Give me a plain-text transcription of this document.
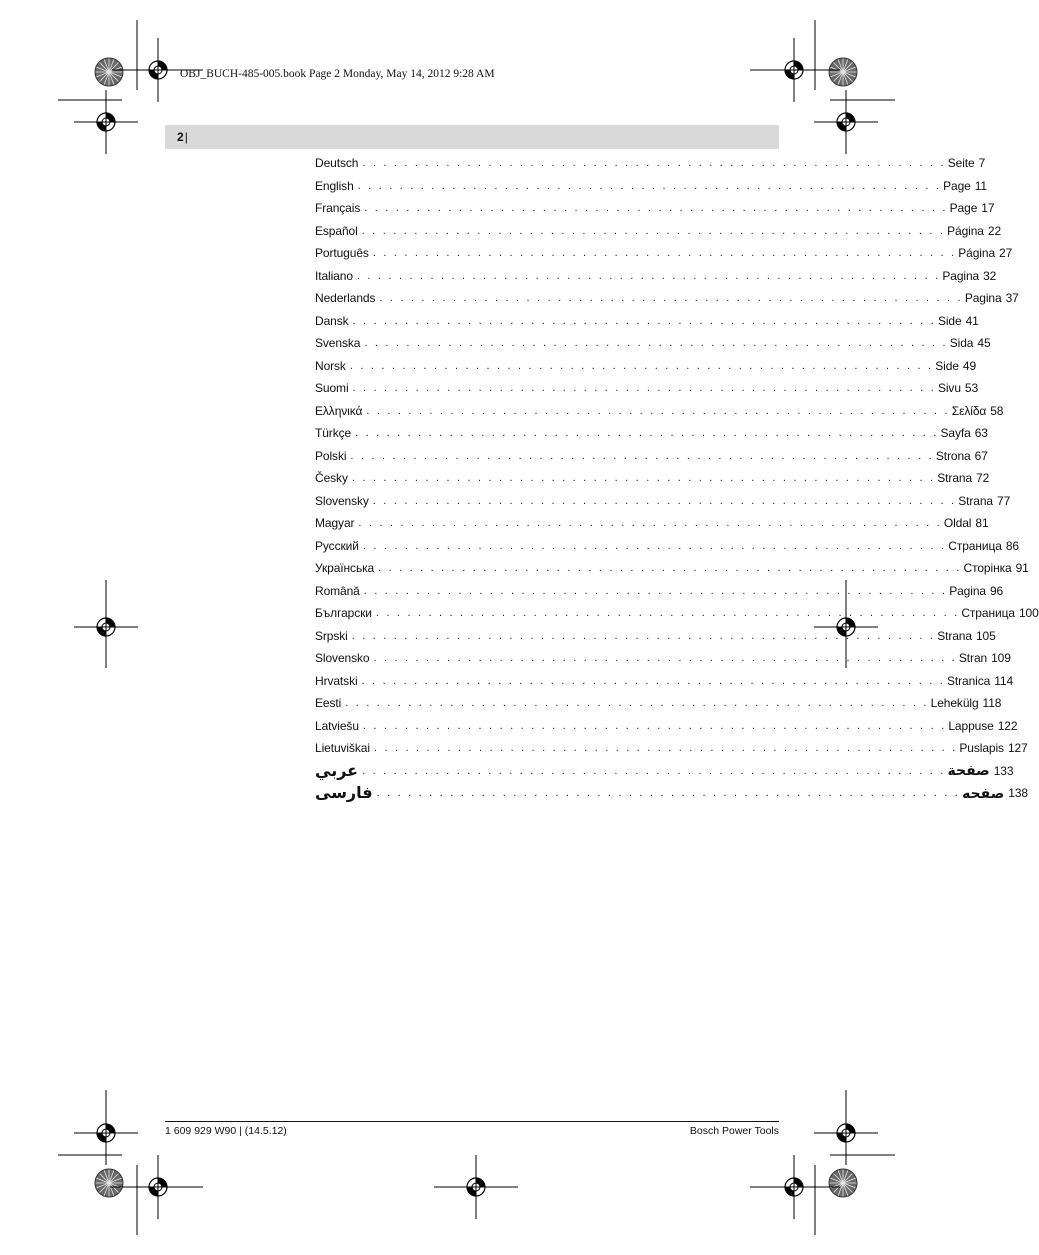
OBJ_BUCH-485-005.book Page 2 Monday, May 14, 2012 9:28 AM
2|
Deutsch . . . . . . . . . . . . . . . . . . . . . . . . . . . . . . . . . . . . . . . . . . . . . . . . . . . . . . . . Seite 7
English . . . . . . . . . . . . . . . . . . . . . . . . . . . . . . . . . . . . . . . . . . . . . . . . . . . . . . . . Page 11
Français . . . . . . . . . . . . . . . . . . . . . . . . . . . . . . . . . . . . . . . . . . . . . . . . . . . . . . . . Page 17
Español . . . . . . . . . . . . . . . . . . . . . . . . . . . . . . . . . . . . . . . . . . . . . . . . . . . . . . . . Página 22
Português . . . . . . . . . . . . . . . . . . . . . . . . . . . . . . . . . . . . . . . . . . . . . . . . . . . . . . . . Página 27
Italiano . . . . . . . . . . . . . . . . . . . . . . . . . . . . . . . . . . . . . . . . . . . . . . . . . . . . . . . . Pagina 32
Nederlands . . . . . . . . . . . . . . . . . . . . . . . . . . . . . . . . . . . . . . . . . . . . . . . . . . . . . . . . Pagina 37
Dansk . . . . . . . . . . . . . . . . . . . . . . . . . . . . . . . . . . . . . . . . . . . . . . . . . . . . . . . . Side 41
Svenska . . . . . . . . . . . . . . . . . . . . . . . . . . . . . . . . . . . . . . . . . . . . . . . . . . . . . . . . Sida 45
Norsk . . . . . . . . . . . . . . . . . . . . . . . . . . . . . . . . . . . . . . . . . . . . . . . . . . . . . . . . Side 49
Suomi . . . . . . . . . . . . . . . . . . . . . . . . . . . . . . . . . . . . . . . . . . . . . . . . . . . . . . . . Sivu 53
Ελληνικά . . . . . . . . . . . . . . . . . . . . . . . . . . . . . . . . . . . . . . . . . . . . . . . . . . . . . . . . Σελίδα 58
Türkçe . . . . . . . . . . . . . . . . . . . . . . . . . . . . . . . . . . . . . . . . . . . . . . . . . . . . . . . . Sayfa 63
Polski . . . . . . . . . . . . . . . . . . . . . . . . . . . . . . . . . . . . . . . . . . . . . . . . . . . . . . . . Strona 67
Česky . . . . . . . . . . . . . . . . . . . . . . . . . . . . . . . . . . . . . . . . . . . . . . . . . . . . . . . . Strana 72
Slovensky . . . . . . . . . . . . . . . . . . . . . . . . . . . . . . . . . . . . . . . . . . . . . . . . . . . . . . . . Strana 77
Magyar . . . . . . . . . . . . . . . . . . . . . . . . . . . . . . . . . . . . . . . . . . . . . . . . . . . . . . . . Oldal 81
Русский . . . . . . . . . . . . . . . . . . . . . . . . . . . . . . . . . . . . . . . . . . . . . . . . . . . . . . . . Страница 86
Українська . . . . . . . . . . . . . . . . . . . . . . . . . . . . . . . . . . . . . . . . . . . . . . . . . . . . . . . . Сторінка 91
Română . . . . . . . . . . . . . . . . . . . . . . . . . . . . . . . . . . . . . . . . . . . . . . . . . . . . . . . . Pagina 96
Български . . . . . . . . . . . . . . . . . . . . . . . . . . . . . . . . . . . . . . . . . . . . . . . . . . . . . . . . Страница 100
Srpski . . . . . . . . . . . . . . . . . . . . . . . . . . . . . . . . . . . . . . . . . . . . . . . . . . . . . . . . Strana 105
Slovensko . . . . . . . . . . . . . . . . . . . . . . . . . . . . . . . . . . . . . . . . . . . . . . . . . . . . . . . . Stran 109
Hrvatski . . . . . . . . . . . . . . . . . . . . . . . . . . . . . . . . . . . . . . . . . . . . . . . . . . . . . . . . Stranica 114
Eesti . . . . . . . . . . . . . . . . . . . . . . . . . . . . . . . . . . . . . . . . . . . . . . . . . . . . . . . . Lehekülg 118
Latviešu . . . . . . . . . . . . . . . . . . . . . . . . . . . . . . . . . . . . . . . . . . . . . . . . . . . . . . . . Lappuse 122
Lietuviškai . . . . . . . . . . . . . . . . . . . . . . . . . . . . . . . . . . . . . . . . . . . . . . . . . . . . . . . . Puslapis 127
عربي . . . . . . . . . . . . . . . . . . . . . . . . . . . . . . . . . . . . . . . . . . . . . . . . . . . . . . . . صفحة 133
فارسی . . . . . . . . . . . . . . . . . . . . . . . . . . . . . . . . . . . . . . . . . . . . . . . . . . . . . . . . صفحه 138
1 609 929 W90 | (14.5.12)	Bosch Power Tools
